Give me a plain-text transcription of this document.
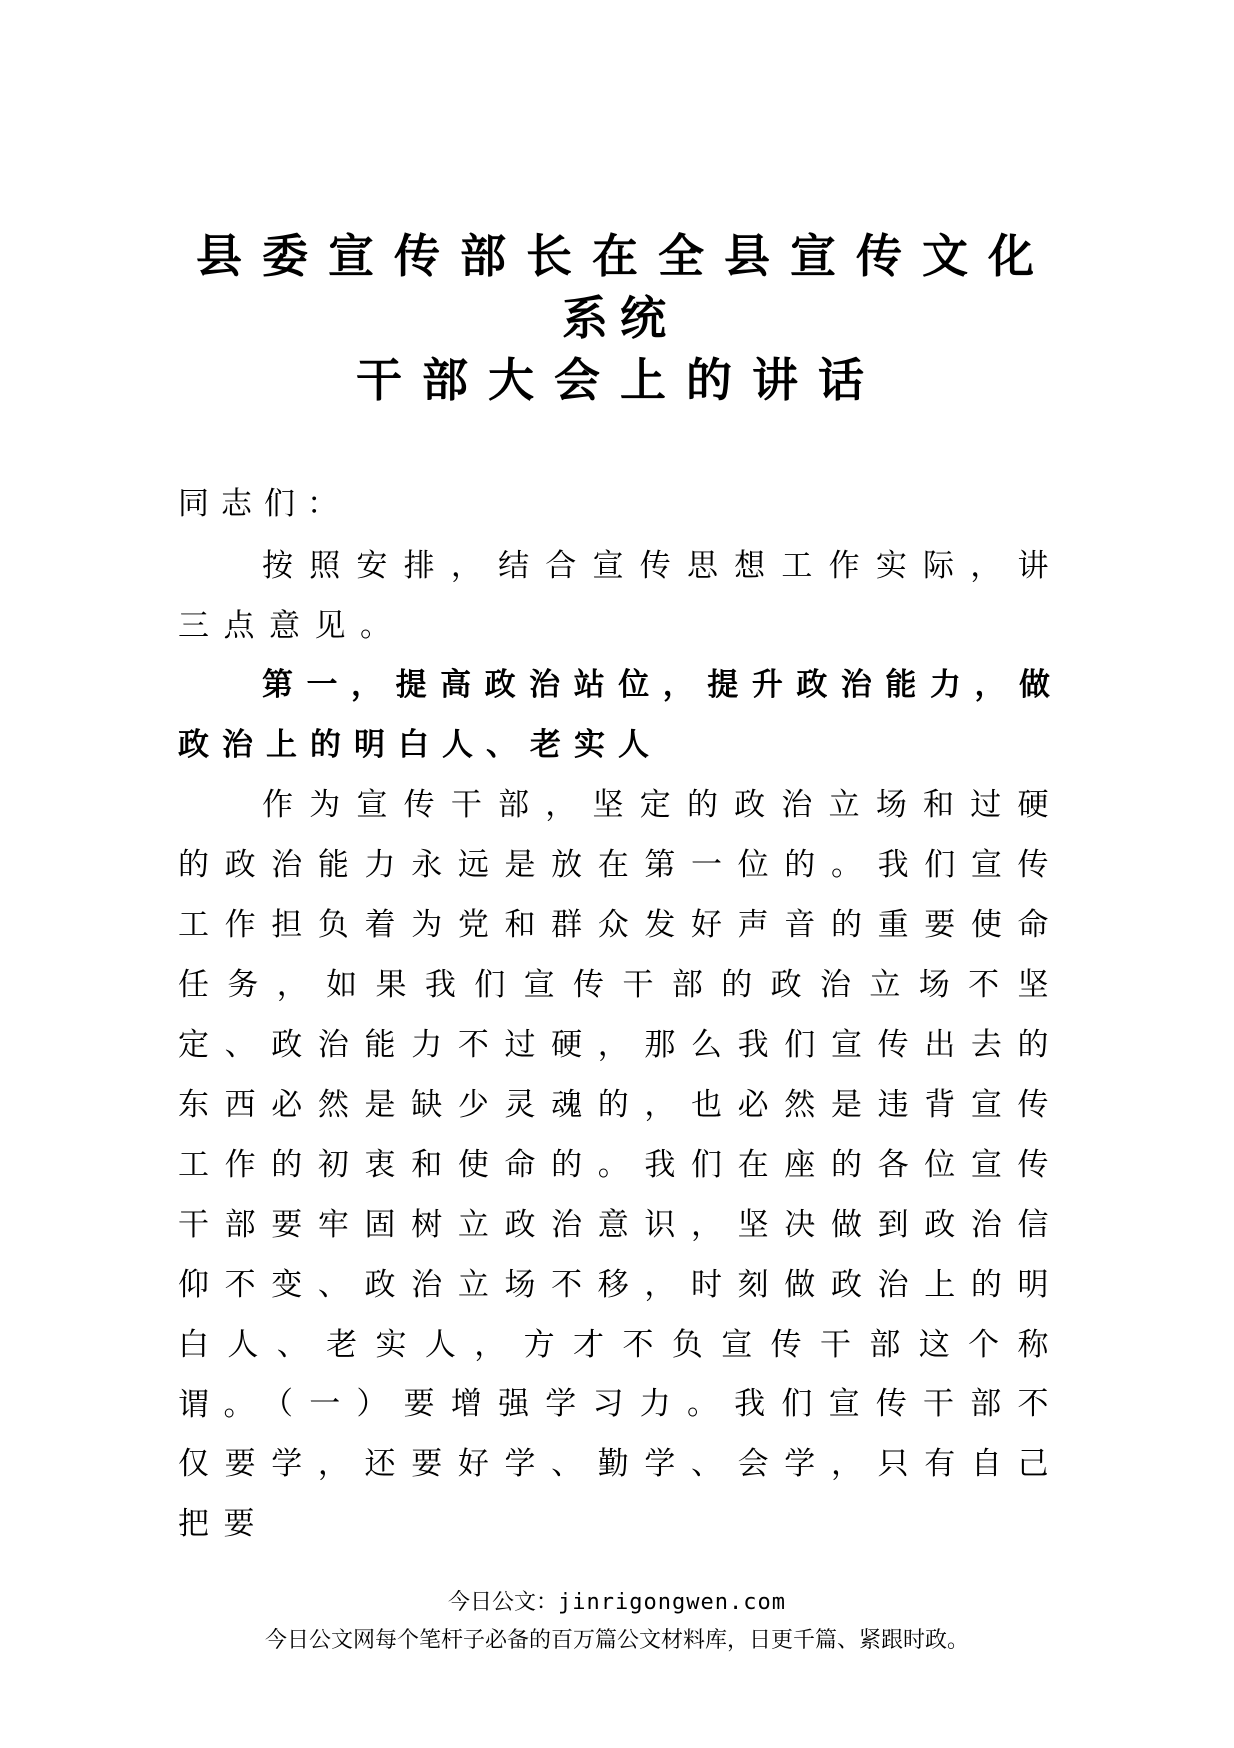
县委宣传部长在全县宣传文化
系统
干部大会上的讲话
同志们：

按照安排，结合宣传思想工作实际，讲三点意见。

第一，提高政治站位，提升政治能力，做政治上的明白人、老实人

作为宣传干部，坚定的政治立场和过硬的政治能力永远是放在第一位的。我们宣传工作担负着为党和群众发好声音的重要使命任务，如果我们宣传干部的政治立场不坚定、政治能力不过硬，那么我们宣传出去的东西必然是缺少灵魂的，也必然是违背宣传工作的初衷和使命的。我们在座的各位宣传干部要牢固树立政治意识，坚决做到政治信仰不变、政治立场不移，时刻做政治上的明白人、老实人，方才不负宣传干部这个称谓。

（一）要增强学习力。我们宣传干部不仅要学，还要好学、勤学、会学，只有自己把要

今日公文：jinrigongwen.com
今日公文网每个笔杆子必备的百万篇公文材料库，日更千篇、紧跟时政。
